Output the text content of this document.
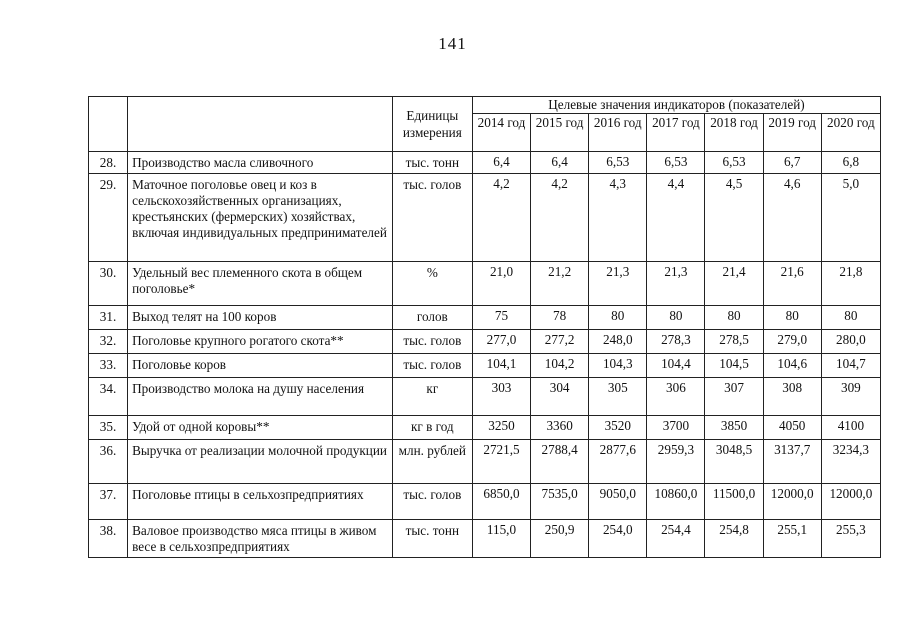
141
		Единицы измерения	Целевые значения индикаторов (показателей)						
			2014 год	2015 год	2016 год	2017 год	2018 год	2019 год	2020 год
28.	Производство масла сливочного	тыс. тонн	6,4	6,4	6,53	6,53	6,53	6,7	6,8
29.	Маточное поголовье овец и коз в сельскохозяйственных организациях, крестьянских (фермерских) хозяйствах, включая индивидуальных предпринимателей	тыс. голов	4,2	4,2	4,3	4,4	4,5	4,6	5,0
30.	Удельный вес племенного скота в общем поголовье*	%	21,0	21,2	21,3	21,3	21,4	21,6	21,8
31.	Выход телят на 100 коров	голов	75	78	80	80	80	80	80
32.	Поголовье крупного рогатого скота**	тыс. голов	277,0	277,2	248,0	278,3	278,5	279,0	280,0
33.	Поголовье коров	тыс. голов	104,1	104,2	104,3	104,4	104,5	104,6	104,7
34.	Производство молока на душу населения	кг	303	304	305	306	307	308	309
35.	Удой от одной коровы**	кг в год	3250	3360	3520	3700	3850	4050	4100
36.	Выручка от реализации молочной продукции	млн. рублей	2721,5	2788,4	2877,6	2959,3	3048,5	3137,7	3234,3
37.	Поголовье птицы в сельхозпредприятиях	тыс. голов	6850,0	7535,0	9050,0	10860,0	11500,0	12000,0	12000,0
38.	Валовое производство мяса птицы в живом весе в сельхозпредприятиях	тыс. тонн	115,0	250,9	254,0	254,4	254,8	255,1	255,3
